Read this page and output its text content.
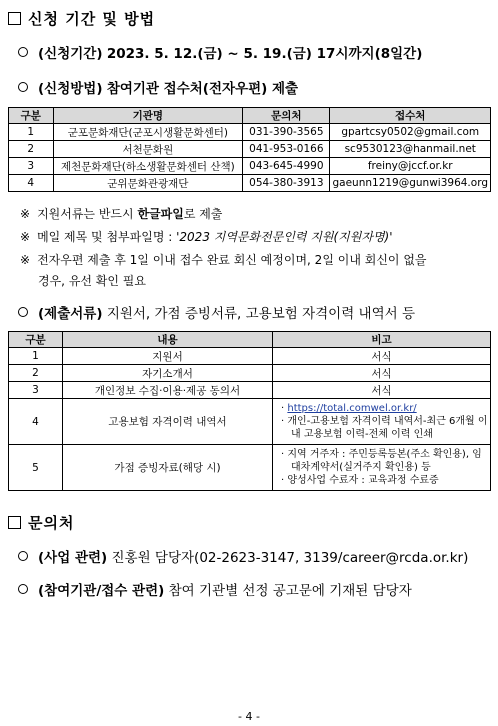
신청 기간 및 방법
(신청기간) 2023. 5. 12.(금) ~ 5. 19.(금) 17시까지(8일간)
(신청방법) 참여기관 접수처(전자우편) 제출
구분	기관명	문의처	접수처
1	군포문화재단(군포시생활문화센터)	031-390-3565	gpartcsy0502@gmail.com
2	서천문화원	041-953-0166	sc9530123@hanmail.net
3	제천문화재단(하소생활문화센터 산책)	043-645-4990	freiny@jccf.or.kr
4	군위문화관광재단	054-380-3913	gaeunn1219@gunwi3964.org
※ 지원서류는 반드시 한글파일로 제출
※ 메일 제목 및 첨부파일명 : '2023 지역문화전문인력 지원(지원자명)'
※ 전자우편 제출 후 1일 이내 접수 완료 회신 예정이며, 2일 이내 회신이 없을
경우, 유선 확인 필요
(제출서류) 지원서, 가점 증빙서류, 고용보험 자격이력 내역서 등
구분	내용	비고
1	지원서	서식
2	자기소개서	서식
3	개인정보 수집·이용·제공 동의서	서식
4	고용보험 자격이력 내역서	· https://total.comwel.or.kr/
· 개인-고용보험 자격이력 내역서-최근 6개월 이내 고용보험 이력-전체 이력 인쇄

5	가점 증빙자료(해당 시)	· 지역 거주자 : 주민등록등본(주소 확인용), 임대차계약서(실거주지 확인용) 등
· 양성사업 수료자 : 교육과정 수료증
문의처
(사업 관련) 진홍원 담당자(02-2623-3147, 3139/career@rcda.or.kr)
(참여기관/접수 관련) 참여 기관별 선정 공고문에 기재된 담당자
- 4 -
